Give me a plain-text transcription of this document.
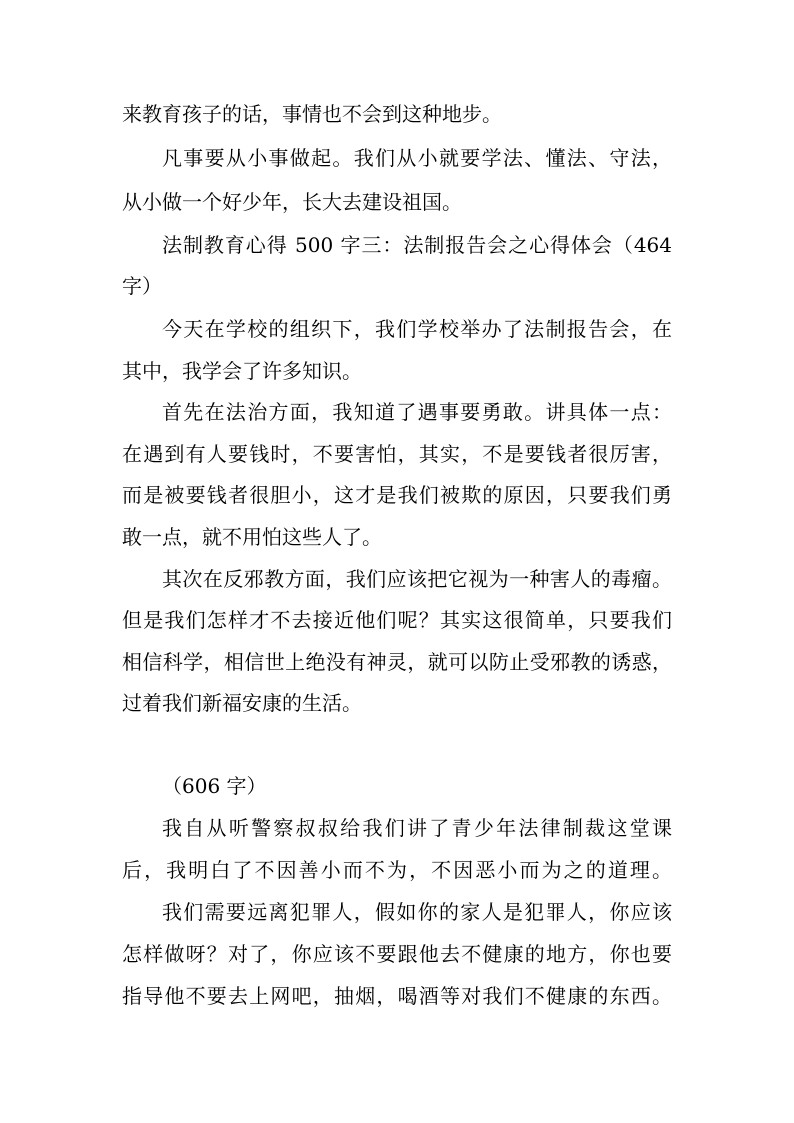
来教育孩子的话，事情也不会到这种地步。
凡事要从小事做起。我们从小就要学法、懂法、守法，
从小做一个好少年，长大去建设祖国。
法制教育心得 500 字三：法制报告会之心得体会（464
字）
今天在学校的组织下，我们学校举办了法制报告会，在
其中，我学会了许多知识。
首先在法治方面，我知道了遇事要勇敢。讲具体一点：
在遇到有人要钱时，不要害怕，其实，不是要钱者很厉害，
而是被要钱者很胆小，这才是我们被欺的原因，只要我们勇
敢一点，就不用怕这些人了。
其次在反邪教方面，我们应该把它视为一种害人的毒瘤。
但是我们怎样才不去接近他们呢？其实这很简单，只要我们
相信科学，相信世上绝没有神灵，就可以防止受邪教的诱惑，
过着我们新福安康的生活。
（606 字）
我自从听警察叔叔给我们讲了青少年法律制裁这堂课
后，我明白了不因善小而不为，不因恶小而为之的道理。
我们需要远离犯罪人，假如你的家人是犯罪人，你应该
怎样做呀？对了，你应该不要跟他去不健康的地方，你也要
指导他不要去上网吧，抽烟，喝酒等对我们不健康的东西。
